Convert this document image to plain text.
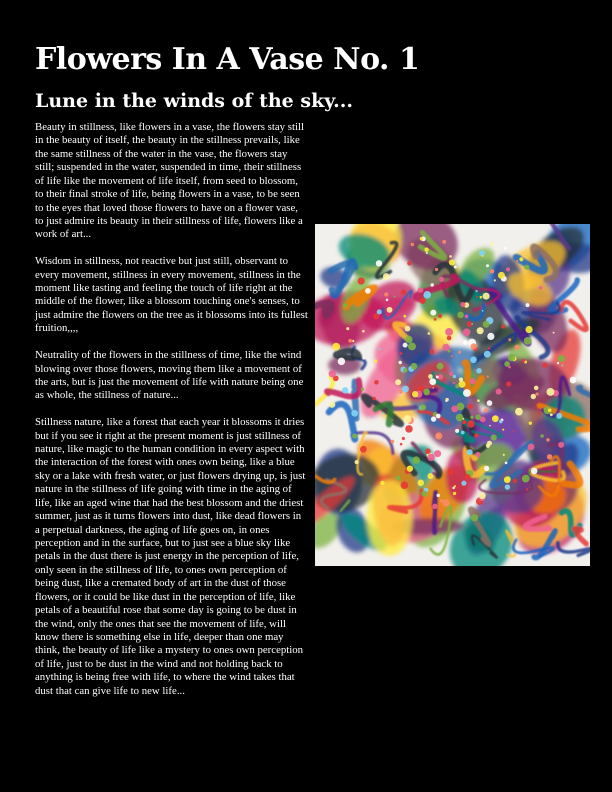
Flowers In A Vase No. 1
Lune in the winds of the sky...

Beauty in stillness, like flowers in a vase, the flowers stay still in the beauty of itself, the beauty in the stillness prevails, like the same stillness of the water in the vase, the flowers stay still; suspended in the water, suspended in time, their stillness of life like the movement of life itself, from seed to blossom, to their final stroke of life, being flowers in a vase, to be seen to the eyes that loved those flowers to have on a flower vase, to just admire its beauty in their stillness of life, flowers like a work of art...

Wisdom in stillness, not reactive but just still, observant to every movement, stillness in every movement, stillness in the moment like tasting and feeling the touch of life right at the middle of the flower, like a blossom touching one's senses, to just admire the flowers on the tree as it blossoms into its fullest fruition,,,,

Neutrality of the flowers in the stillness of time, like the wind blowing over those flowers, moving them like a movement of the arts, but is just the movement of life with nature being one as whole, the stillness of nature...

Stillness nature, like a forest that each year it blossoms it dries but if you see it right at the present moment is just stillness of nature, like magic to the human condition in every aspect with the interaction of the forest with ones own being, like a blue sky or a lake with fresh water, or just flowers drying up, is just nature in the stillness of life going with time in the aging of life, like an aged wine that had the best blossom and the driest summer, just as it turns flowers into dust, like dead flowers in a perpetual darkness, the aging of life goes on, in ones perception and in the surface, but to just see a blue sky like petals in the dust there is just energy in the perception of life, only seen in the stillness of life, to ones own perception of being dust, like a cremated body of art in the dust of those flowers, or it could be like dust in the perception of life, like petals of a beautiful rose that some day is going to be dust in the wind, only the ones that see the movement of life, will know there is something else in life, deeper than one may think, the beauty of life like a mystery to ones own perception of life, just to be dust in the wind and not holding back to anything is being free with life, to where the wind takes that dust that can give life to new life...
